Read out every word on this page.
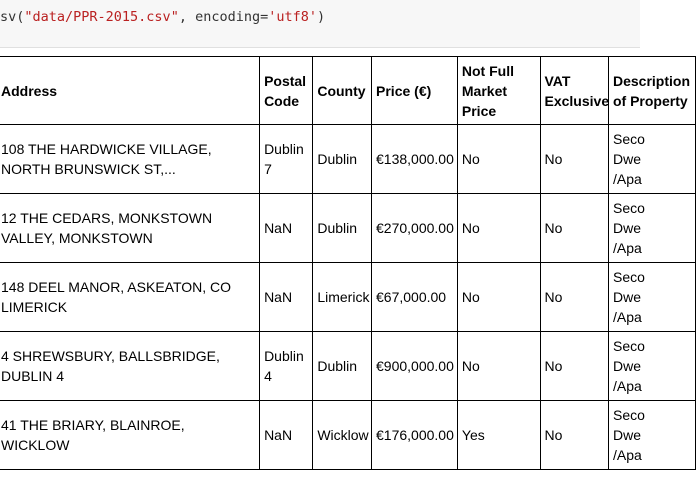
sv("data/PPR-2015.csv", encoding='utf8')
Address	Postal Code	County	Price (€)	Not Full Market Price	VAT Exclusive	Description of Property
108 THE HARDWICKE VILLAGE, NORTH BRUNSWICK ST,...	Dublin 7	Dublin	€138,000.00	No	No	Seco
Dwe
/Apa
12 THE CEDARS, MONKSTOWN VALLEY, MONKSTOWN	NaN	Dublin	€270,000.00	No	No	Seco
Dwe
/Apa
148 DEEL MANOR, ASKEATON, CO LIMERICK	NaN	Limerick	€67,000.00	No	No	Seco
Dwe
/Apa
4 SHREWSBURY, BALLSBRIDGE, DUBLIN 4	Dublin 4	Dublin	€900,000.00	No	No	Seco
Dwe
/Apa
41 THE BRIARY, BLAINROE, WICKLOW	NaN	Wicklow	€176,000.00	Yes	No	Seco
Dwe
/Apa
